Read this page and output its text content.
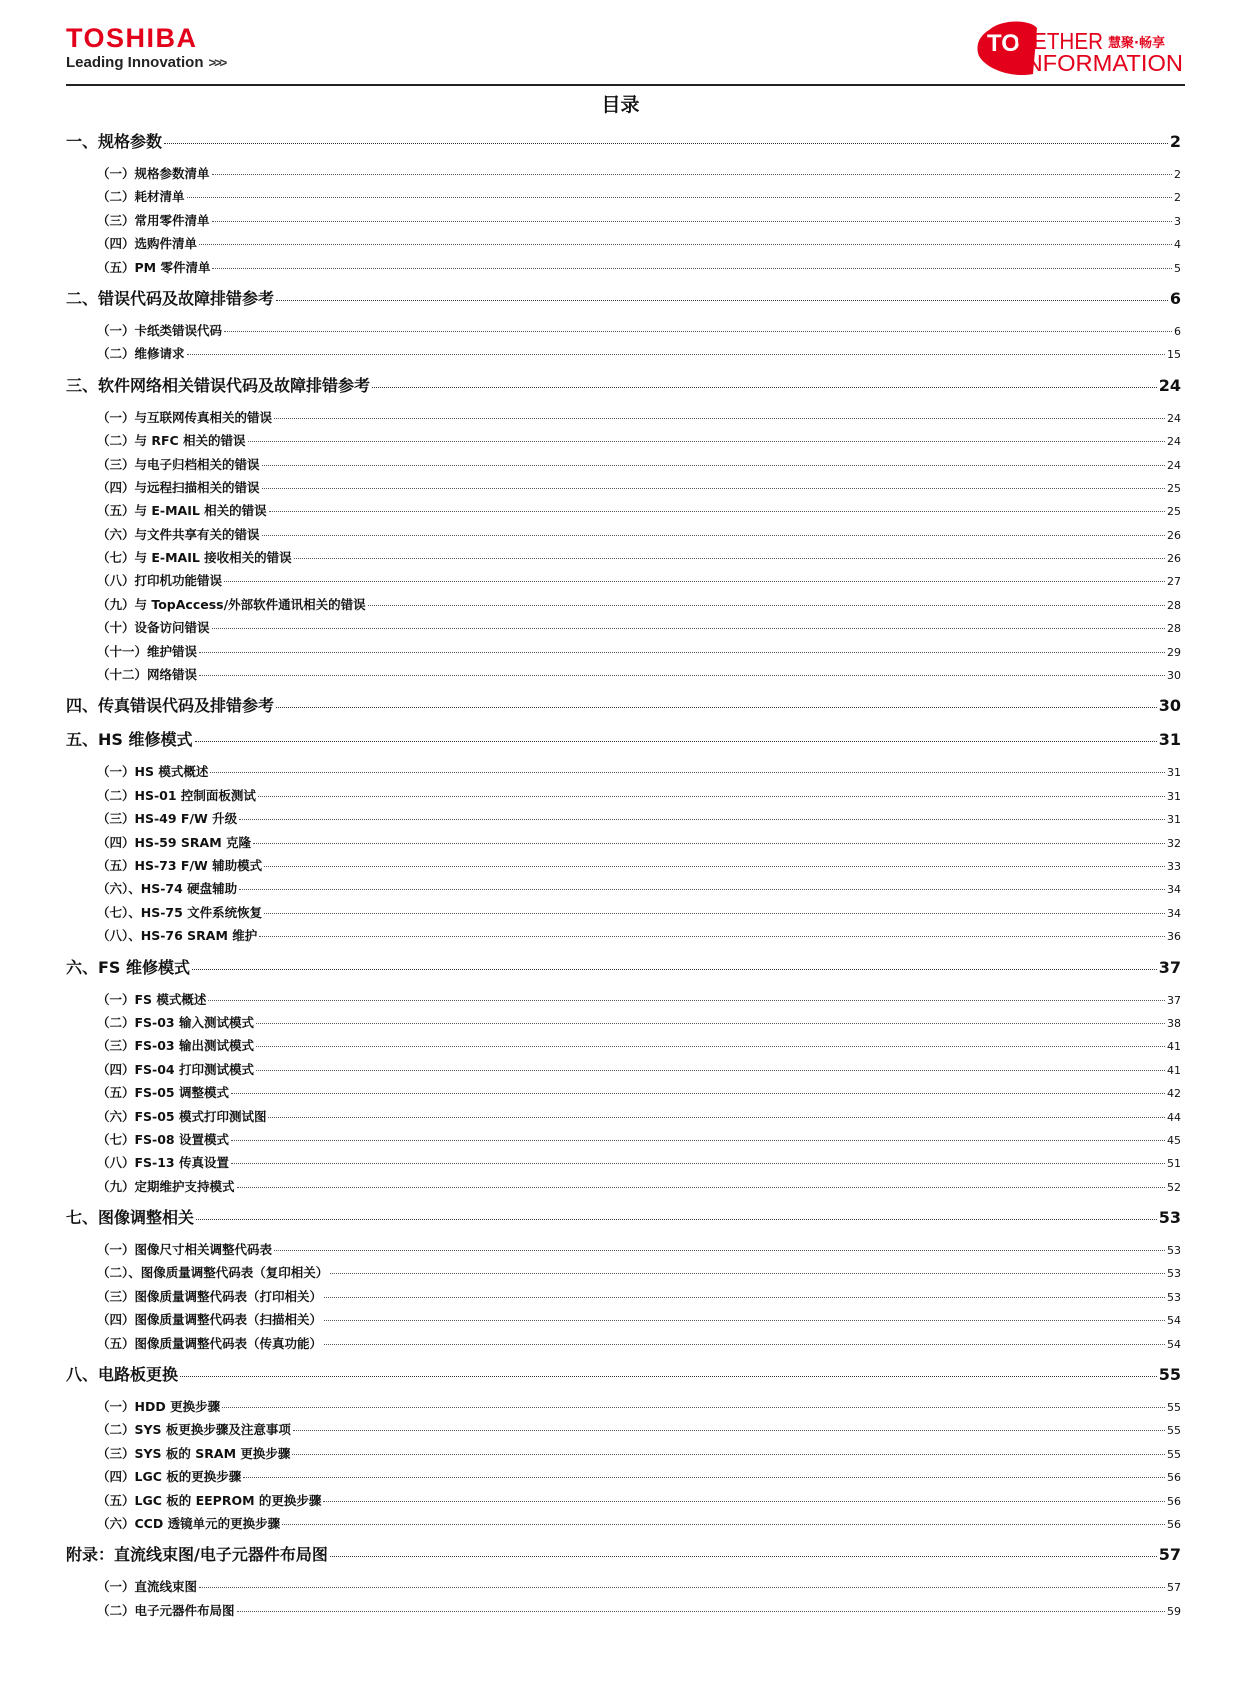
TOSHIBA
Leading Innovation >>>
TO
GETHER 慧聚·畅享
INFORMATION
目录
一、规格参数	2
（一）规格参数清单	2
（二）耗材清单	2
（三）常用零件清单	3
（四）选购件清单	4
（五）PM 零件清单	5
二、错误代码及故障排错参考	6
（一）卡纸类错误代码	6
（二）维修请求	15
三、软件网络相关错误代码及故障排错参考	24
（一）与互联网传真相关的错误	24
（二）与 RFC 相关的错误	24
（三）与电子归档相关的错误	24
（四）与远程扫描相关的错误	25
（五）与 E-MAIL 相关的错误	25
（六）与文件共享有关的错误	26
（七）与 E-MAIL 接收相关的错误	26
（八）打印机功能错误	27
（九）与 TopAccess/外部软件通讯相关的错误	28
（十）设备访问错误	28
（十一）维护错误	29
（十二）网络错误	30
四、传真错误代码及排错参考	30
五、HS 维修模式	31
（一）HS 模式概述	31
（二）HS-01 控制面板测试	31
（三）HS-49 F/W 升级	31
（四）HS-59 SRAM 克隆	32
（五）HS-73 F/W 辅助模式	33
（六）、HS-74 硬盘辅助	34
（七）、HS-75 文件系统恢复	34
（八）、HS-76 SRAM 维护	36
六、FS 维修模式	37
（一）FS 模式概述	37
（二）FS-03 输入测试模式	38
（三）FS-03 输出测试模式	41
（四）FS-04 打印测试模式	41
（五）FS-05 调整模式	42
（六）FS-05 模式打印测试图	44
（七）FS-08 设置模式	45
（八）FS-13 传真设置	51
（九）定期维护支持模式	52
七、图像调整相关	53
（一）图像尺寸相关调整代码表	53
（二）、图像质量调整代码表（复印相关）	53
（三）图像质量调整代码表（打印相关）	53
（四）图像质量调整代码表（扫描相关）	54
（五）图像质量调整代码表（传真功能）	54
八、电路板更换	55
（一）HDD 更换步骤	55
（二）SYS 板更换步骤及注意事项	55
（三）SYS 板的 SRAM 更换步骤	55
（四）LGC 板的更换步骤	56
（五）LGC 板的 EEPROM 的更换步骤	56
（六）CCD 透镜单元的更换步骤	56
附录：直流线束图/电子元器件布局图	57
（一）直流线束图	57
（二）电子元器件布局图	59
